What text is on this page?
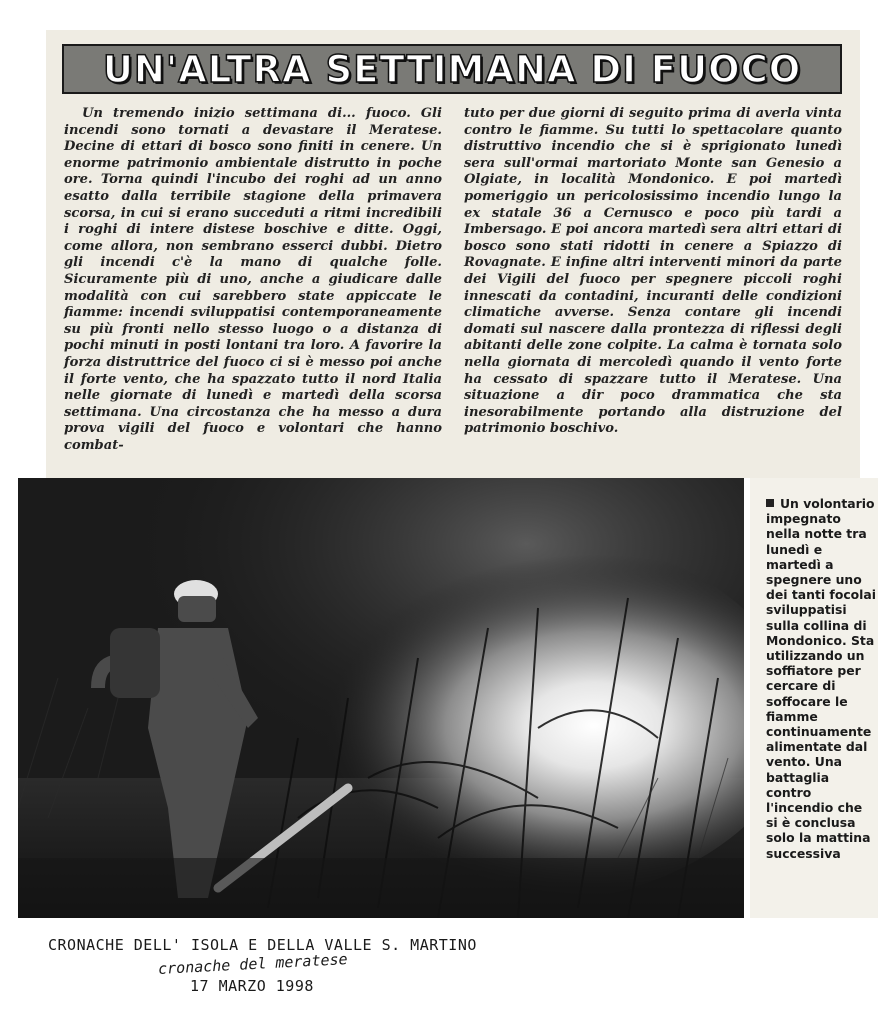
UN'ALTRA SETTIMANA DI FUOCO

Un tremendo inizio settimana di... fuoco. Gli incendi sono tornati a devastare il Meratese. Decine di ettari di bosco sono finiti in cenere. Un enorme patrimonio ambientale distrutto in poche ore. Torna quindi l'incubo dei roghi ad un anno esatto dalla terribile stagione della primavera scorsa, in cui si erano succeduti a ritmi incredibili i roghi di intere distese boschive e ditte. Oggi, come allora, non sembrano esserci dubbi. Dietro gli incendi c'è la mano di qualche folle. Sicuramente più di uno, anche a giudicare dalle modalità con cui sarebbero state appiccate le fiamme: incendi sviluppatisi contemporaneamente su più fronti nello stesso luogo o a distanza di pochi minuti in posti lontani tra loro. A favorire la forza distruttrice del fuoco ci si è messo poi anche il forte vento, che ha spazzato tutto il nord Italia nelle giornate di lunedì e martedì della scorsa settimana. Una circostanza che ha messo a dura prova vigili del fuoco e volontari che hanno combat-

tuto per due giorni di seguito prima di averla vinta contro le fiamme. Su tutti lo spettacolare quanto distruttivo incendio che si è sprigionato lunedì sera sull'ormai martoriato Monte san Genesio a Olgiate, in località Mondonico. E poi martedì pomeriggio un pericolosissimo incendio lungo la ex statale 36 a Cernusco e poco più tardi a Imbersago. E poi ancora martedì sera altri ettari di bosco sono stati ridotti in cenere a Spiazzo di Rovagnate. E infine altri interventi minori da parte dei Vigili del fuoco per spegnere piccoli roghi innescati da contadini, incuranti delle condizioni climatiche avverse. Senza contare gli incendi domati sul nascere dalla prontezza di riflessi degli abitanti delle zone colpite. La calma è tornata solo nella giornata di mercoledì quando il vento forte ha cessato di spazzare tutto il Meratese. Una situazione a dir poco drammatica che sta inesorabilmente portando alla distruzione del patrimonio boschivo.

Un volontario impegnato nella notte tra lunedì e martedì a spegnere uno dei tanti focolai sviluppatisi sulla collina di Mondonico. Sta utilizzando un soffiatore per cercare di soffocare le fiamme continuamente alimentate dal vento. Una battaglia contro l'incendio che si è conclusa solo la mattina successiva
CRONACHE DELL' ISOLA E DELLA VALLE S. MARTINO
cronache del meratese
17 MARZO 1998
